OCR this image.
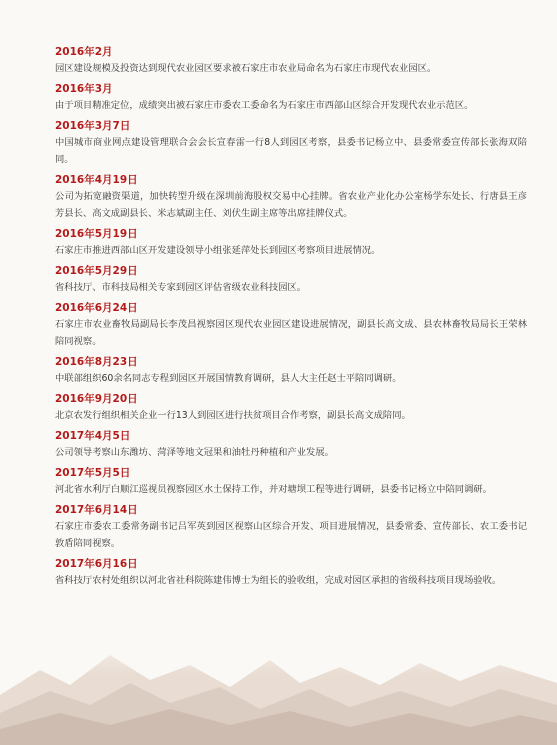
2016年2月
园区建设规模及投资达到现代农业园区要求被石家庄市农业局命名为石家庄市现代农业园区。
2016年3月
由于项目精准定位，成绩突出被石家庄市委农工委命名为石家庄市西部山区综合开发现代农业示范区。
2016年3月7日
中国城市商业网点建设管理联合会会长宣春雷一行8人到园区考察，县委书记杨立中、县委常委宣传部长张海双陪同。
2016年4月19日
公司为拓宽融资渠道，加快转型升级在深圳前海股权交易中心挂牌。省农业产业化办公室杨学东处长、行唐县王彦芳县长、高文成副县长、米志斌副主任、刘伏生副主席等出席挂牌仪式。
2016年5月19日
石家庄市推进西部山区开发建设领导小组张延萍处长到园区考察项目进展情况。
2016年5月29日
省科技厅、市科技局相关专家到园区评估省级农业科技园区。
2016年6月24日
石家庄市农业畜牧局副局长李茂昌视察园区现代农业园区建设进展情况，副县长高文成、县农林畜牧局局长王荣林陪同视察。
2016年8月23日
中联部组织60余名同志专程到园区开展国情教育调研，县人大主任赵士平陪同调研。
2016年9月20日
北京农发行组织相关企业一行13人到园区进行扶贫项目合作考察，副县长高文成陪同。
2017年4月5日
公司领导考察山东潍坊、菏泽等地文冠果和油牡丹种植和产业发展。
2017年5月5日
河北省水利厅白顺江巡视员视察园区水土保持工作，并对塘坝工程等进行调研，县委书记杨立中陪同调研。
2017年6月14日
石家庄市委农工委常务副书记吕军英到园区视察山区综合开发、项目进展情况，县委常委、宣传部长、农工委书记敦盾陪同视察。
2017年6月16日
省科技厅农村处组织以河北省社科院陈建伟博士为组长的验收组，完成对园区承担的省级科技项目现场验收。
